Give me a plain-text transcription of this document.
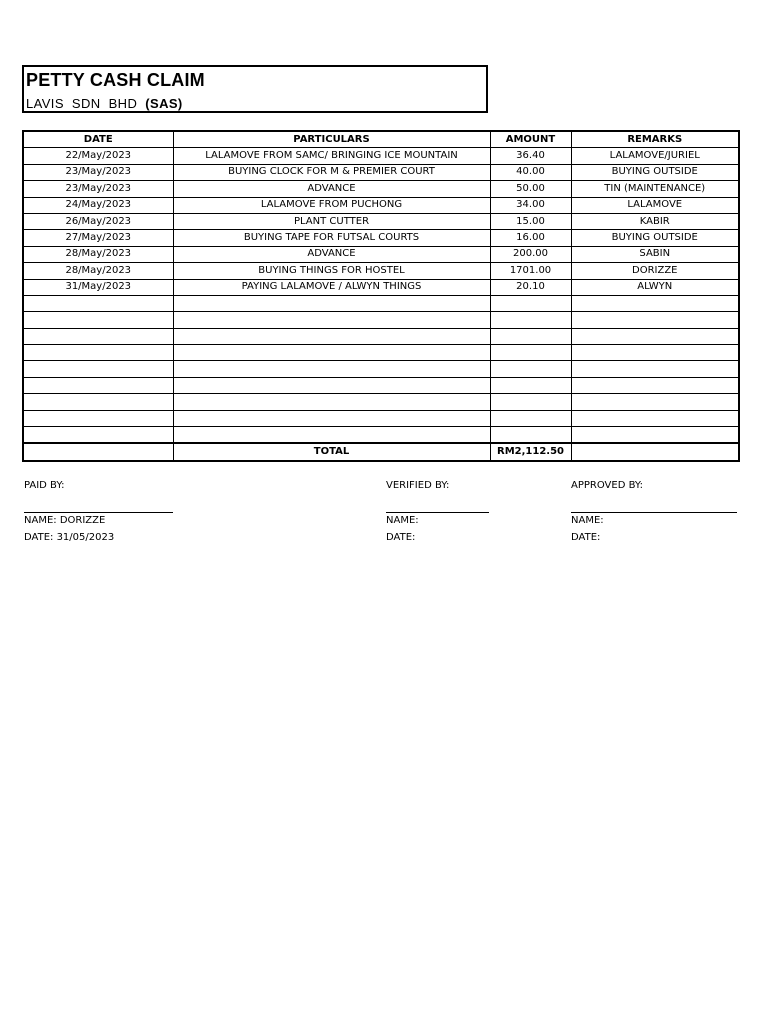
PETTY CASH CLAIM
LAVIS  SDN  BHD (SAS)
DATE	PARTICULARS	AMOUNT	REMARKS
22/May/2023	LALAMOVE FROM SAMC/ BRINGING ICE MOUNTAIN	36.40	LALAMOVE/JURIEL
23/May/2023	BUYING CLOCK FOR M & PREMIER COURT	40.00	BUYING OUTSIDE
23/May/2023	ADVANCE	50.00	TIN (MAINTENANCE)
24/May/2023	LALAMOVE FROM PUCHONG	34.00	LALAMOVE
26/May/2023	PLANT CUTTER	15.00	KABIR
27/May/2023	BUYING TAPE FOR FUTSAL COURTS	16.00	BUYING OUTSIDE
28/May/2023	ADVANCE	200.00	SABIN
28/May/2023	BUYING THINGS FOR HOSTEL	1701.00	DORIZZE
31/May/2023	PAYING LALAMOVE / ALWYN THINGS	20.10	ALWYN

	TOTAL	RM2,112.50	
PAID BY:	VERIFIED BY:	APPROVED BY:
NAME: DORIZZE	NAME:	NAME:
DATE: 31/05/2023	DATE:	DATE:
